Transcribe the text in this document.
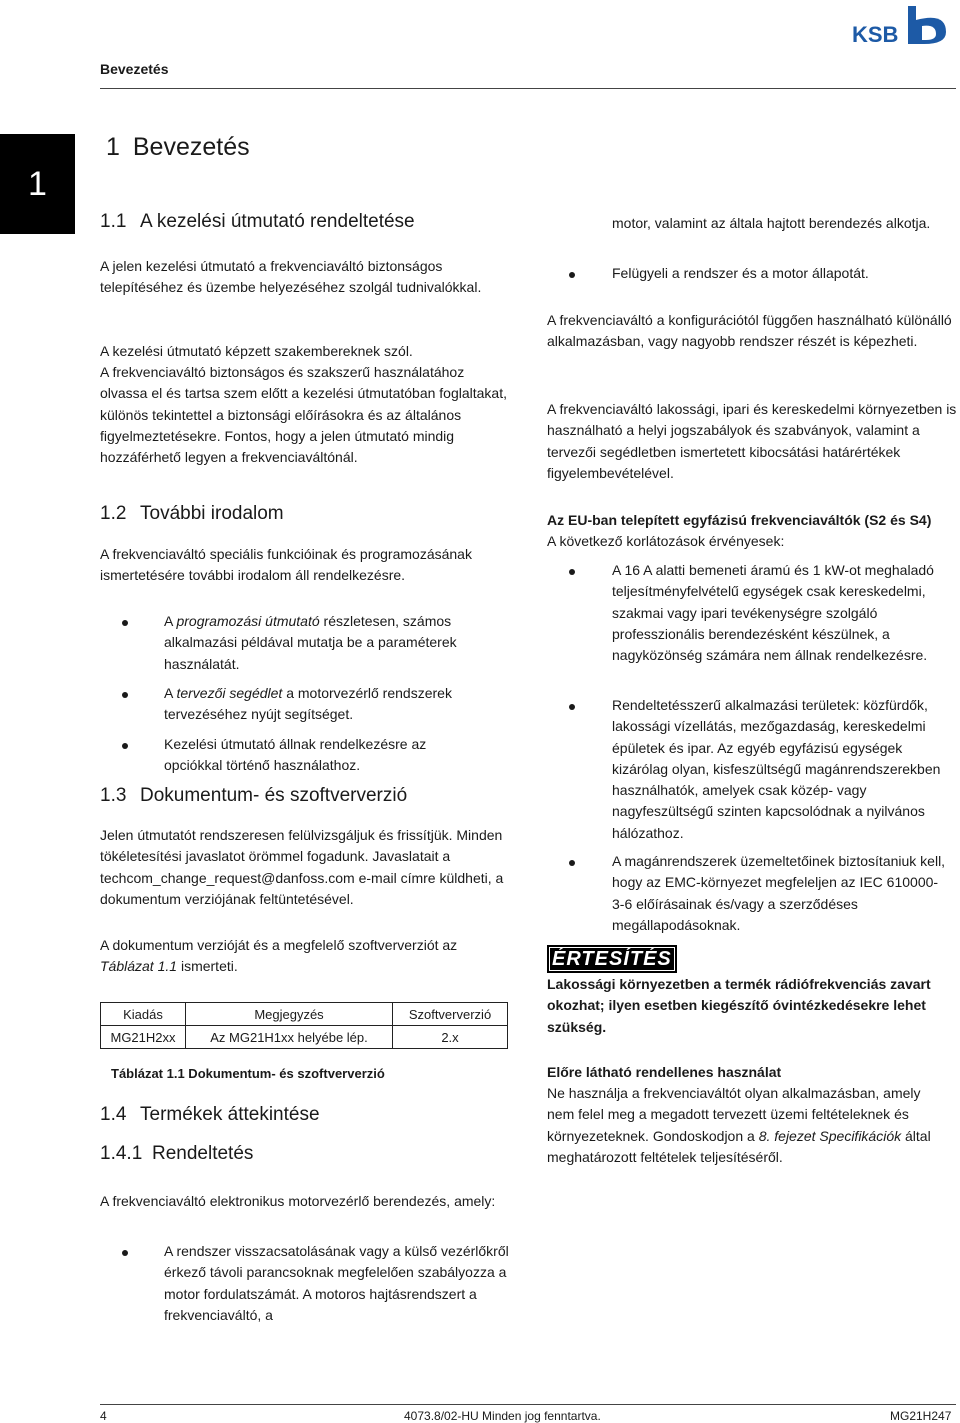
Bevezetés
KSB
1
1 Bevezetés
1.1 A kezelési útmutató rendeltetése

A jelen kezelési útmutató a frekvenciaváltó biztonságos telepítéséhez és üzembe helyezéséhez szolgál tudnivalókkal.

A kezelési útmutató képzett szakembereknek szól.

A frekvenciaváltó biztonságos és szakszerű használatához olvassa el és tartsa szem előtt a kezelési útmutatóban foglaltakat, különös tekintettel a biztonsági előírásokra és az általános figyelmeztetésekre. Fontos, hogy a jelen útmutató mindig hozzáférhető legyen a frekvenciaváltónál.

1.2 További irodalom

A frekvenciaváltó speciális funkcióinak és programozásának ismertetésére további irodalom áll rendelkezésre.

A programozási útmutató részletesen, számos alkalmazási példával mutatja be a paraméterek használatát.
A tervezői segédlet a motorvezérlő rendszerek tervezéséhez nyújt segítséget.
Kezelési útmutató állnak rendelkezésre az opciókkal történő használathoz.
1.3 Dokumentum- és szoftververzió

Jelen útmutatót rendszeresen felülvizsgáljuk és frissítjük. Minden tökéletesítési javaslatot örömmel fogadunk. Javaslatait a techcom_change_request@danfoss.com e-mail címre küldheti, a dokumentum verziójának feltüntetésével.

A dokumentum verzióját és a megfelelő szoftververziót az Táblázat 1.1 ismerteti.

Kiadás	Megjegyzés	Szoftververzió
MG21H2xx	Az MG21H1xx helyébe lép.	2.x
Táblázat 1.1 Dokumentum- és szoftververzió
1.4 Termékek áttekintése
1.4.1 Rendeltetés

A frekvenciaváltó elektronikus motorvezérlő berendezés, amely:

A rendszer visszacsatolásának vagy a külső vezérlőkről érkező távoli parancsoknak megfelelően szabályozza a motor fordulatszámát. A motoros hajtásrendszert a frekvenciaváltó, a
motor, valamint az általa hajtott berendezés alkotja.
Felügyeli a rendszer és a motor állapotát.

A frekvenciaváltó a konfigurációtól függően használható különálló alkalmazásban, vagy nagyobb rendszer részét is képezheti.

A frekvenciaváltó lakossági, ipari és kereskedelmi környezetben is használható a helyi jogszabályok és szabványok, valamint a tervezői segédletben ismertetett kibocsátási határértékek figyelembevételével.

Az EU-ban telepített egyfázisú frekvenciaváltók (S2 és S4)

A következő korlátozások érvényesek:

A 16 A alatti bemeneti áramú és 1 kW-ot meghaladó teljesítményfelvételű egységek csak kereskedelmi, szakmai vagy ipari tevékenységre szolgáló professzionális berendezésként készülnek, a nagyközönség számára nem állnak rendelkezésre.
Rendeltetésszerű alkalmazási területek: közfürdők, lakossági vízellátás, mezőgazdaság, kereskedelmi épületek és ipar. Az egyéb egyfázisú egységek kizárólag olyan, kisfeszültségű magánrendszerekben használhatók, amelyek csak közép- vagy nagyfeszültségű szinten kapcsolódnak a nyilvános hálózathoz.
A magánrendszerek üzemeltetőinek biztosítaniuk kell, hogy az EMC-környezet megfeleljen az IEC 610000-3-6 előírásainak és/vagy a szerződéses megállapodásoknak.
ÉRTESÍTÉS

Lakossági környezetben a termék rádiófrekvenciás zavart okozhat; ilyen esetben kiegészítő óvintézkedésekre lehet szükség.

Előre látható rendellenes használat

Ne használja a frekvenciaváltót olyan alkalmazásban, amely nem felel meg a megadott tervezett üzemi feltételeknek és környezeteknek. Gondoskodjon a 8. fejezet Specifikációk által meghatározott feltételek teljesítéséről.

4	4073.8/02-HU Minden jog fenntartva.	MG21H247
